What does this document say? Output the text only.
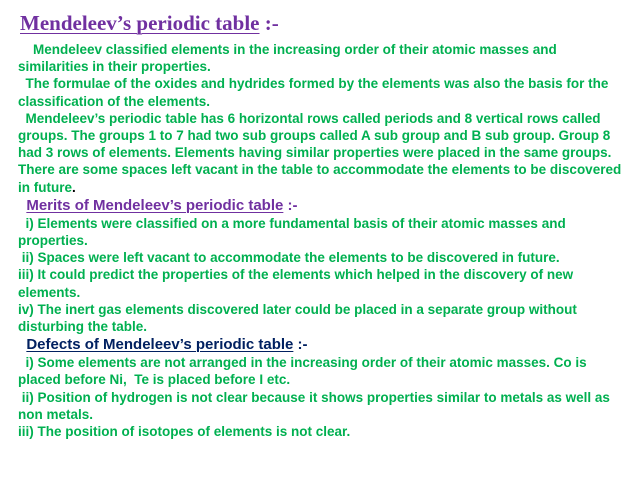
Mendeleev’s periodic table :-

Mendeleev classified elements in the increasing order of their atomic masses and similarities in their properties.

The formulae of the oxides and hydrides formed by the elements was also the basis for the classification of the elements.

Mendeleev’s periodic table has 6 horizontal rows called periods and 8 vertical rows called groups. The groups 1 to 7 had two sub groups called A sub group and B sub group. Group 8 had 3 rows of elements. Elements having similar properties were placed in the same groups. There are some spaces left vacant in the table to accommodate the elements to be discovered in future.

Merits of Mendeleev’s periodic table :-

i) Elements were classified on a more fundamental basis of their atomic masses and properties.

ii) Spaces were left vacant to accommodate the elements to be discovered in future.

iii) It could predict the properties of the elements which helped in the discovery of new elements.

iv) The inert gas elements discovered later could be placed in a separate group without  disturbing the table.

Defects of Mendeleev’s periodic table :-

i) Some elements are not arranged in the increasing order of their atomic masses. Co is placed before Ni,  Te is placed before I etc.

ii) Position of hydrogen is not clear because it shows properties similar to metals as well as non metals.

iii) The position of isotopes of elements is not clear.
